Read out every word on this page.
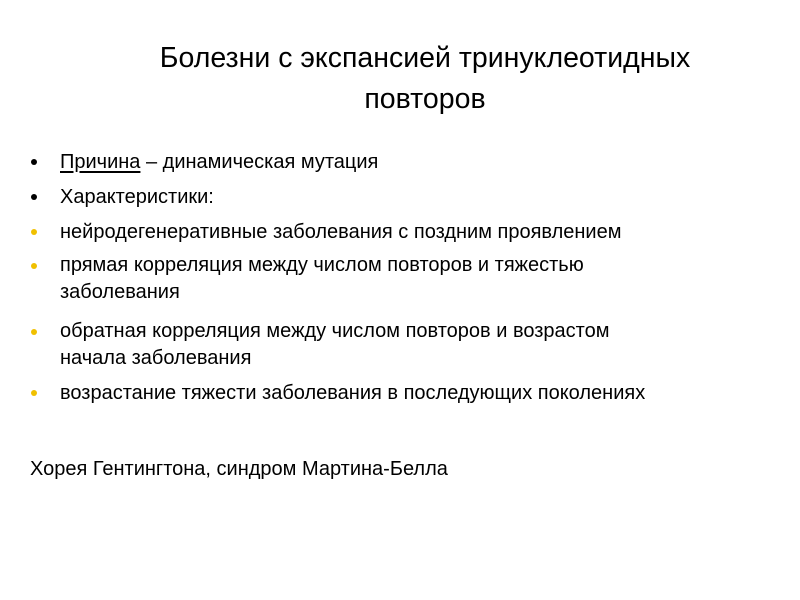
Болезни с экспансией тринуклеотидных
повторов
Причина – динамическая мутация
Характеристики:
нейродегенеративные заболевания с поздним проявлением
прямая корреляция между числом повторов и тяжестью
заболевания
обратная корреляция между числом повторов и возрастом
начала заболевания
возрастание тяжести заболевания в последующих поколениях
Хорея Гентингтона, синдром Мартина-Белла
